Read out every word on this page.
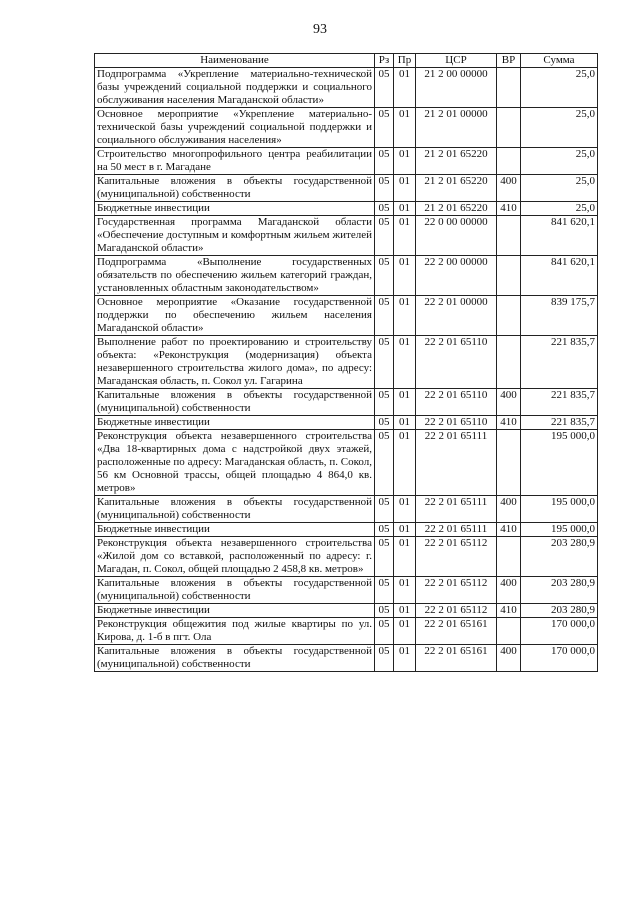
93
Наименование	Рз	Пр	ЦСР	ВР	Сумма
Подпрограмма «Укрепление материально-технической базы учреждений социальной поддержки и социального обслуживания населения Магаданской области»	05	01	21 2 00 00000		25,0
Основное мероприятие «Укрепление материально-технической базы учреждений социальной поддержки и социального обслуживания населения»	05	01	21 2 01 00000		25,0
Строительство многопрофильного центра реабилитации на 50 мест в г. Магадане	05	01	21 2 01 65220		25,0
Капитальные вложения в объекты государственной (муниципальной) собственности	05	01	21 2 01 65220	400	25,0
Бюджетные инвестиции	05	01	21 2 01 65220	410	25,0
Государственная программа Магаданской области «Обеспечение доступным и комфортным жильем жителей Магаданской области»	05	01	22 0 00 00000		841 620,1
Подпрограмма «Выполнение государственных обязательств по обеспечению жильем категорий граждан, установленных областным законодательством»	05	01	22 2 00 00000		841 620,1
Основное мероприятие «Оказание государственной поддержки по обеспечению жильем населения Магаданской области»	05	01	22 2 01 00000		839 175,7
Выполнение работ по проектированию и строительству объекта: «Реконструкция (модернизация) объекта незавершенного строительства жилого дома», по адресу: Магаданская область, п. Сокол ул. Гагарина	05	01	22 2 01 65110		221 835,7
Капитальные вложения в объекты государственной (муниципальной) собственности	05	01	22 2 01 65110	400	221 835,7
Бюджетные инвестиции	05	01	22 2 01 65110	410	221 835,7
Реконструкция объекта незавершенного строительства «Два 18-квартирных дома с надстройкой двух этажей, расположенные по адресу: Магаданская область, п. Сокол, 56 км Основной трассы, общей площадью 4 864,0 кв. метров»	05	01	22 2 01 65111		195 000,0
Капитальные вложения в объекты государственной (муниципальной) собственности	05	01	22 2 01 65111	400	195 000,0
Бюджетные инвестиции	05	01	22 2 01 65111	410	195 000,0
Реконструкция объекта незавершенного строительства «Жилой дом со вставкой, расположенный по адресу: г. Магадан, п. Сокол, общей площадью 2 458,8 кв. метров»	05	01	22 2 01 65112		203 280,9
Капитальные вложения в объекты государственной (муниципальной) собственности	05	01	22 2 01 65112	400	203 280,9
Бюджетные инвестиции	05	01	22 2 01 65112	410	203 280,9
Реконструкция общежития под жилые квартиры по ул. Кирова, д. 1-б в пгт. Ола	05	01	22 2 01 65161		170 000,0
Капитальные вложения в объекты государственной (муниципальной) собственности	05	01	22 2 01 65161	400	170 000,0
